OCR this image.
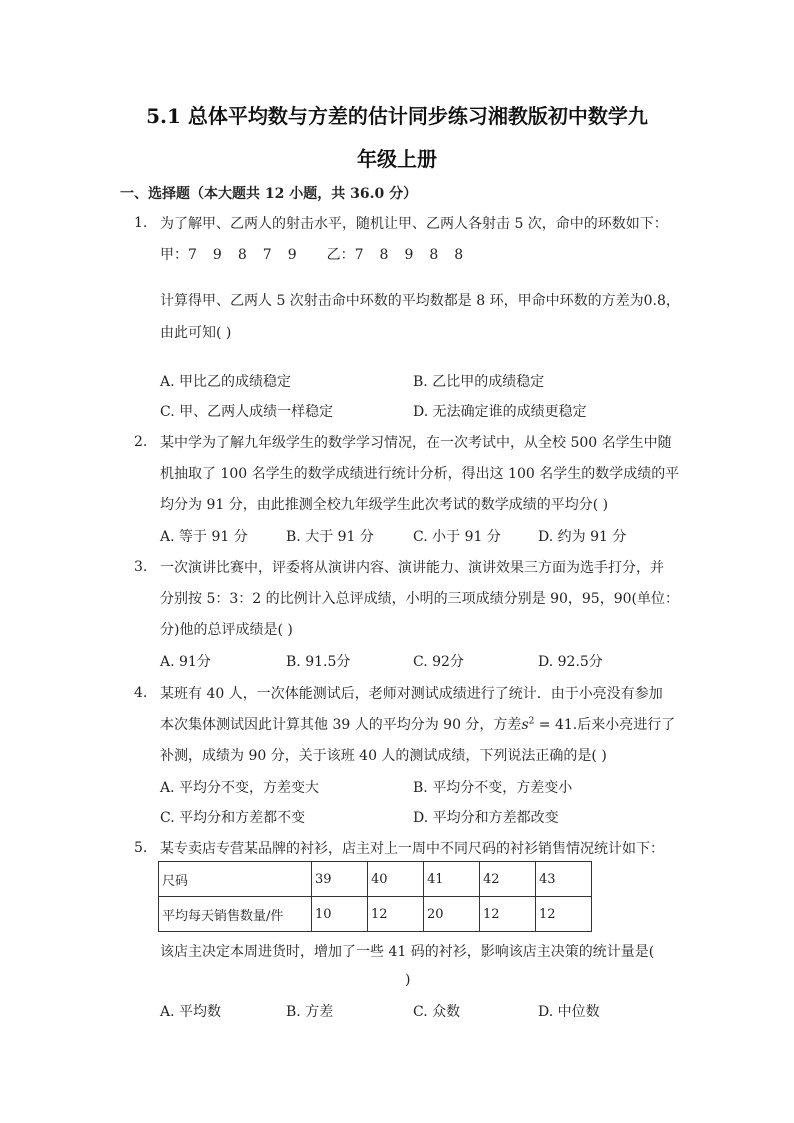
5.1 总体平均数与方差的估计同步练习湘教版初中数学九
年级上册
一、选择题（本大题共 12 小题，共 36.0 分）
1. 为了解甲、乙两人的射击水平，随机让甲、乙两人各射击 5 次，命中的环数如下：
甲：7 9 8 7 9 乙：7 8 9 8 8
计算得甲、乙两人 5 次射击命中环数的平均数都是 8 环，甲命中环数的方差为0.8，
由此可知( )
A. 甲比乙的成绩稳定	B. 乙比甲的成绩稳定
C. 甲、乙两人成绩一样稳定	D. 无法确定谁的成绩更稳定
2. 某中学为了解九年级学生的数学学习情况，在一次考试中，从全校 500 名学生中随
机抽取了 100 名学生的数学成绩进行统计分析，得出这 100 名学生的数学成绩的平
均分为 91 分，由此推测全校九年级学生此次考试的数学成绩的平均分( )
A. 等于 91 分	B. 大于 91 分	C. 小于 91 分	D. 约为 91 分
3. 一次演讲比赛中，评委将从演讲内容、演讲能力、演讲效果三方面为选手打分，并
分别按 5：3：2 的比例计入总评成绩，小明的三项成绩分别是 90，95，90(单位：
分)他的总评成绩是( )
A. 91分	B. 91.5分	C. 92分	D. 92.5分
4. 某班有 40 人，一次体能测试后，老师对测试成绩进行了统计．由于小亮没有参加
本次集体测试因此计算其他 39 人的平均分为 90 分，方差$s^2 = 41$.后来小亮进行了
补测，成绩为 90 分，关于该班 40 人的测试成绩，下列说法正确的是( )
A. 平均分不变，方差变大	B. 平均分不变，方差变小
C. 平均分和方差都不变	D. 平均分和方差都改变
5. 某专卖店专营某品牌的衬衫，店主对上一周中不同尺码的衬衫销售情况统计如下：
尺码	39	40	41	42	43
平均每天销售数量/件	10	12	20	12	12
该店主决定本周进货时，增加了一些 41 码的衬衫，影响该店主决策的统计量是(
)
A. 平均数	B. 方差	C. 众数	D. 中位数
